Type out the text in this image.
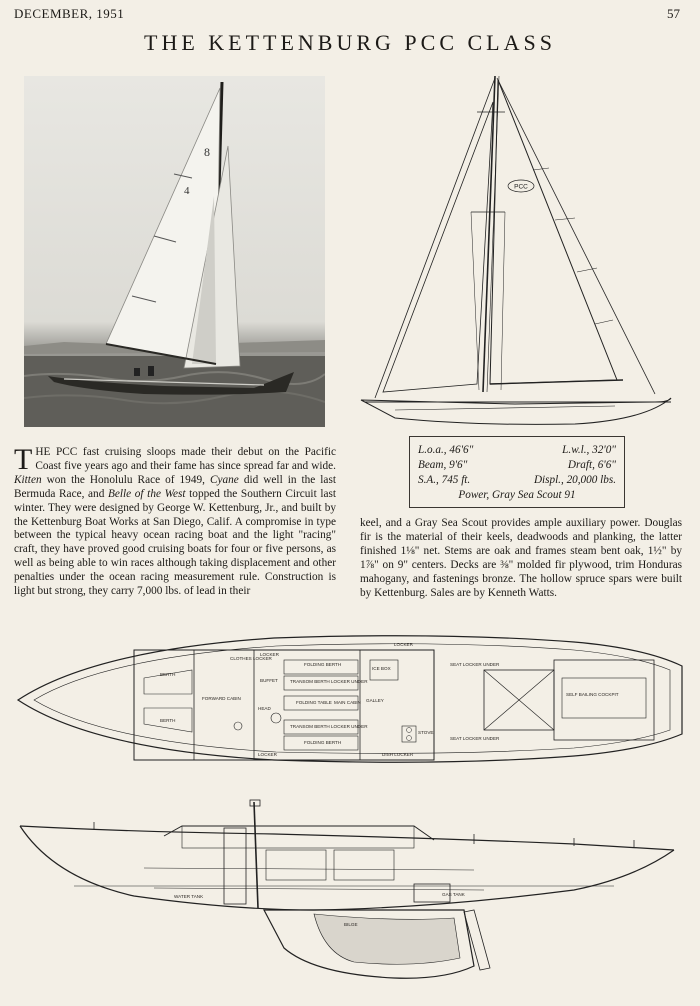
DECEMBER, 1951	57
THE KETTENBURG PCC CLASS
8
4	PCC
L.o.a., 46'6"	L.w.l., 32'0"
Beam, 9'6"	Draft, 6'6"
S.A., 745 ft.	Displ., 20,000 lbs.
Power, Gray Sea Scout 91
THE PCC fast cruising sloops made their debut on the Pacific Coast five years ago and their fame has since spread far and wide. Kitten won the Honolulu Race of 1949, Cyane did well in the last Bermuda Race, and Belle of the West topped the Southern Circuit last winter. They were designed by George W. Kettenburg, Jr., and built by the Kettenburg Boat Works at San Diego, Calif. A compromise in type between the typical heavy ocean racing boat and the light "racing" craft, they have proved good cruising boats for four or five persons, as well as being able to win races although taking displacement and other penalties under the ocean racing measurement rule. Construction is light but strong, they carry 7,000 lbs. of lead in their
keel, and a Gray Sea Scout provides ample auxiliary power. Douglas fir is the material of their keels, deadwoods and planking, the latter finished 1⅛" net. Stems are oak and frames steam bent oak, 1½" by 1⅞" on 9" centers. Decks are ⅜" molded fir plywood, trim Honduras mahogany, and fastenings bronze. The hollow spruce spars were built by Kettenburg. Sales are by Kenneth Watts.
BERTH
BERTH
CLOTHES LOCKER
LOCKER
BUFFET
FORWARD CABIN
HEAD
LOCKER
FOLDING BERTH
TRANSOM BERTH LOCKER UNDER
FOLDING TABLE MAIN CABIN
TRANSOM BERTH LOCKER UNDER
FOLDING BERTH
GALLEY
ICE BOX
STOVE
DISH LOCKER
SEAT LOCKER UNDER
SEAT LOCKER UNDER
SELF BAILING COCKPIT
LOCKER
WATER TANK	GAS TANK
BILGE
